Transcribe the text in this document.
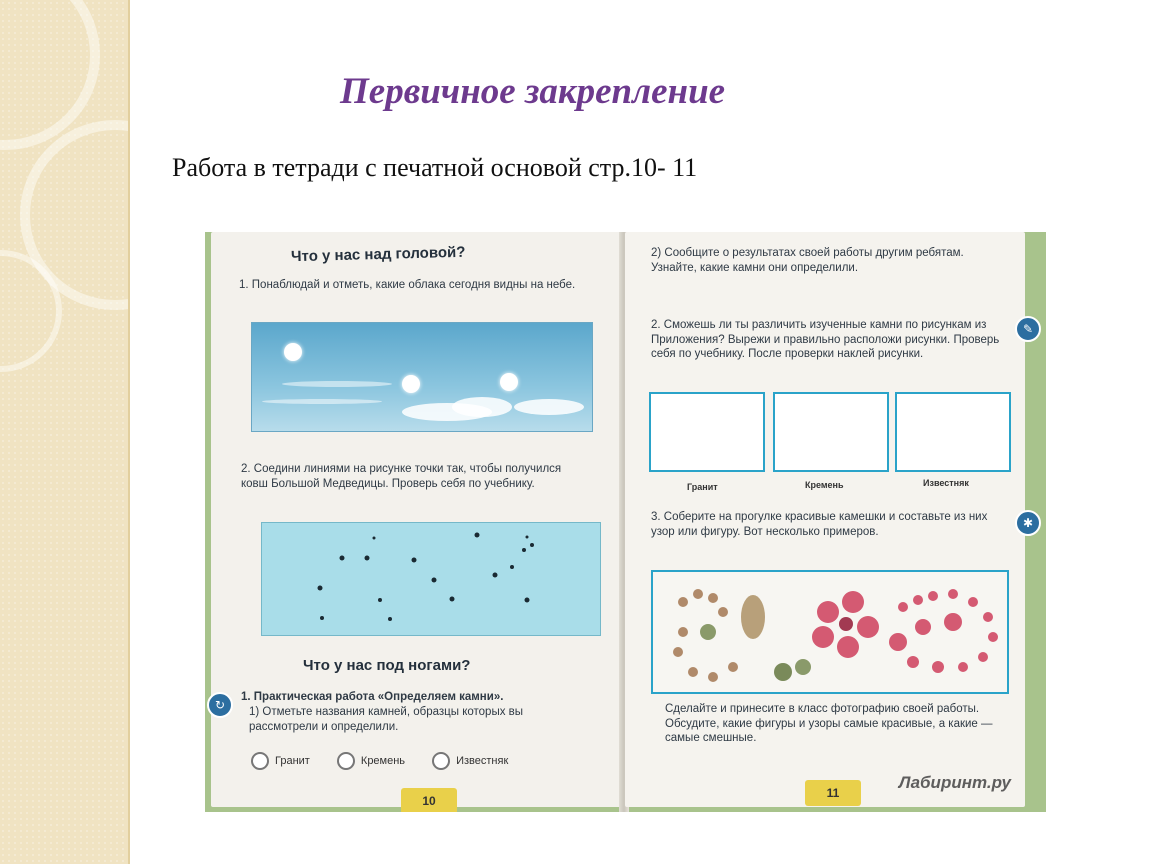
Первичное закрепление
Работа в тетради с печатной основой стр.10- 11
Что у нас над головой?
1. Понаблюдай и отметь, какие облака сегодня видны на небе.
2. Соедини линиями на рисунке точки так, чтобы получился ковш Большой Медведицы. Проверь себя по учебнику.
Что у нас под ногами?
1. Практическая работа «Определяем камни».
1) Отметьте названия камней, образцы которых вы рассмотрели и определили.
Гранит	Кремень	Известняк
10
2) Сообщите о результатах своей работы другим ребятам. Узнайте, какие камни они определили.
2. Сможешь ли ты различить изученные камни по рисункам из Приложения? Вырежи и правильно расположи рисунки. Проверь себя по учебнику. После проверки наклей рисунки.
Гранит	Кремень	Известняк
3. Соберите на прогулке красивые камешки и составьте из них узор или фигуру. Вот несколько примеров.
Сделайте и принесите в класс фотографию своей работы. Обсудите, какие фигуры и узоры самые красивые, а какие — самые смешные.
11
Лабиринт.ру
✎
✱
↻
